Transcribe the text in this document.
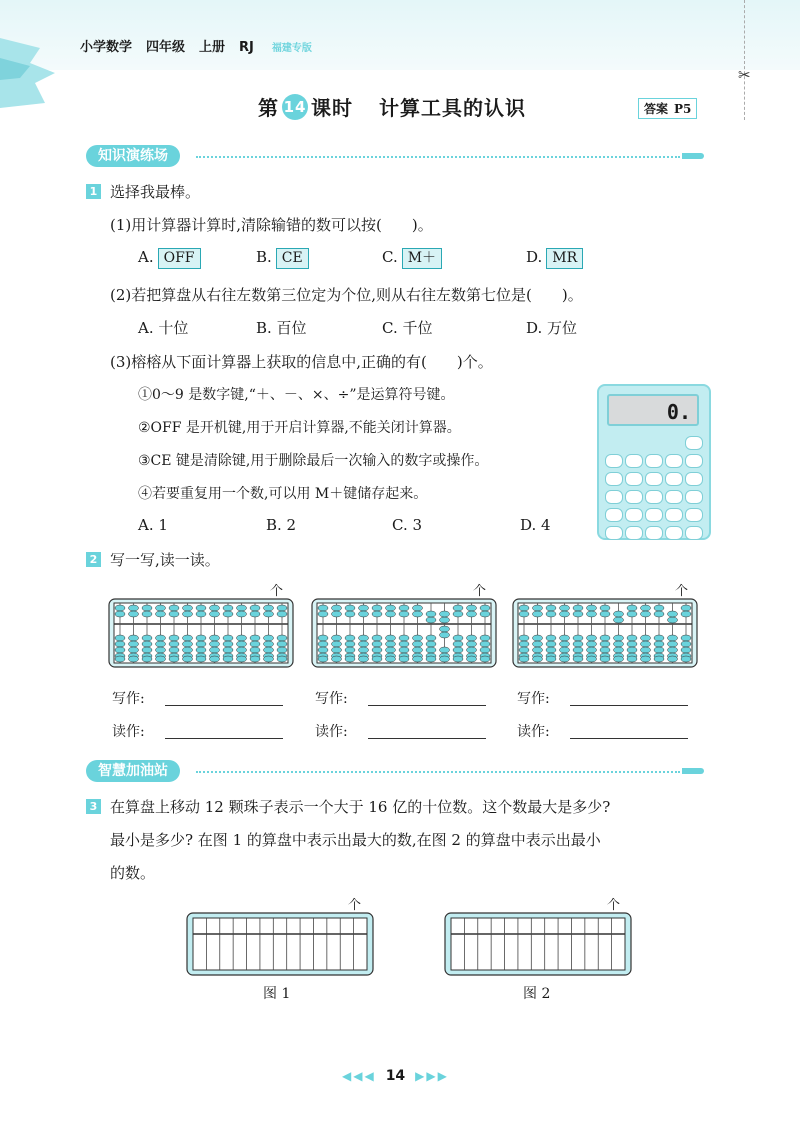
小学数学 四年级 上册 RJ 福建专版
✂
第 14 课时 计算工具的认识	答案 P5
知识演练场
1 选择我最棒。
(1)用计算器计算时,清除输错的数可以按(　　)。
A. OFF	B. CE	C. M＋	D. MR
(2)若把算盘从右往左数第三位定为个位,则从右往左数第七位是(　　)。
A. 十位	B. 百位	C. 千位	D. 万位
(3)榕榕从下面计算器上获取的信息中,正确的有(　　)个。
①0～9 是数字键,“＋、－、×、÷”是运算符号键。
②OFF 是开机键,用于开启计算器,不能关闭计算器。
③CE 键是清除键,用于删除最后一次输入的数字或操作。
④若要重复用一个数,可以用 M＋键储存起来。
A. 1	B. 2	C. 3	D. 4
0.
2 写一写,读一读。
个	个	个
写作:	写作:	写作:
读作:	读作:	读作:
智慧加油站
3 在算盘上移动 12 颗珠子表示一个大于 16 亿的十位数。这个数最大是多少?
最小是多少? 在图 1 的算盘中表示出最大的数,在图 2 的算盘中表示出最小
的数。
个	个
图 1	图 2
◀◀◀ 14 ▶▶▶
